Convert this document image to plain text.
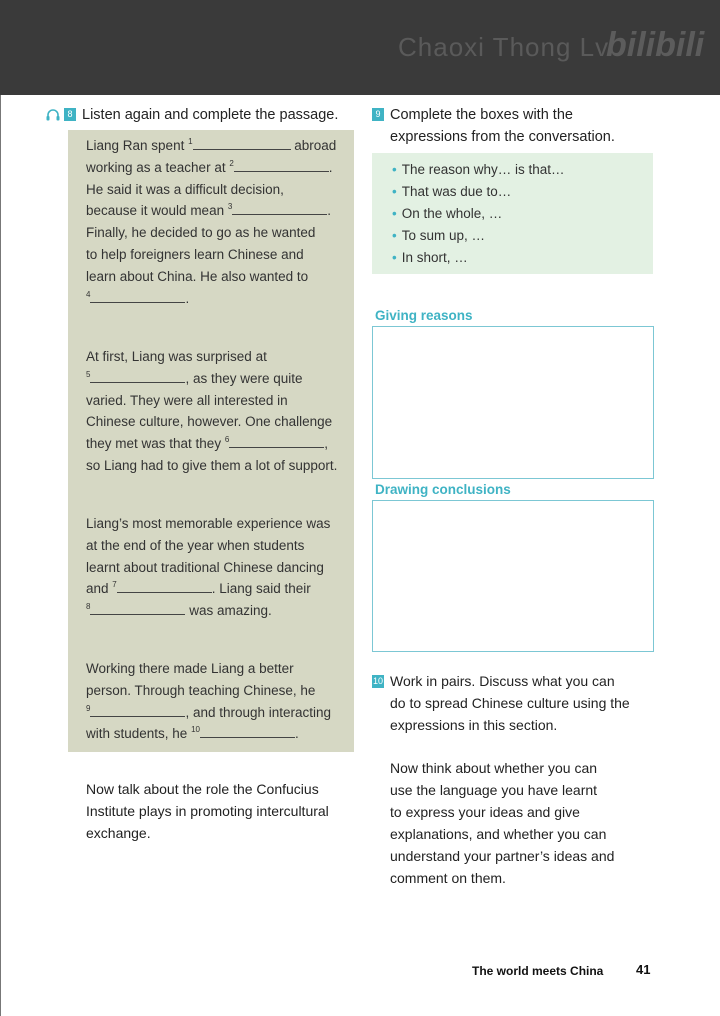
Chaoxi Thong Lv
bilibili
8 Listen again and complete the passage.
Liang Ran spent $^1$	abroad
working as a teacher at $^2$	.
He said it was a difficult decision,
because it would mean $^3$	.
Finally, he decided to go as he wanted
to help foreigners learn Chinese and
learn about China. He also wanted to
$^4$	.
At first, Liang was surprised at
$^5$	, as they were quite
varied. They were all interested in
Chinese culture, however. One challenge
they met was that they $^6$	,
so Liang had to give them a lot of support.
Liang’s most memorable experience was
at the end of the year when students
learnt about traditional Chinese dancing
and $^7$	. Liang said their
$^8$	was amazing.
Working there made Liang a better
person. Through teaching Chinese, he
$^9$	, and through interacting
with students, he $^{10}$	.
Now talk about the role the Confucius
Institute plays in promoting intercultural
exchange.
9 Complete the boxes with the
expressions from the conversation.
• The reason why… is that…
• That was due to…
• On the whole, …
• To sum up, …
• In short, …
Giving reasons
Drawing conclusions
10 Work in pairs. Discuss what you can
do to spread Chinese culture using the
expressions in this section.
Now think about whether you can
use the language you have learnt
to express your ideas and give
explanations, and whether you can
understand your partner’s ideas and
comment on them.
The world meets China	41
